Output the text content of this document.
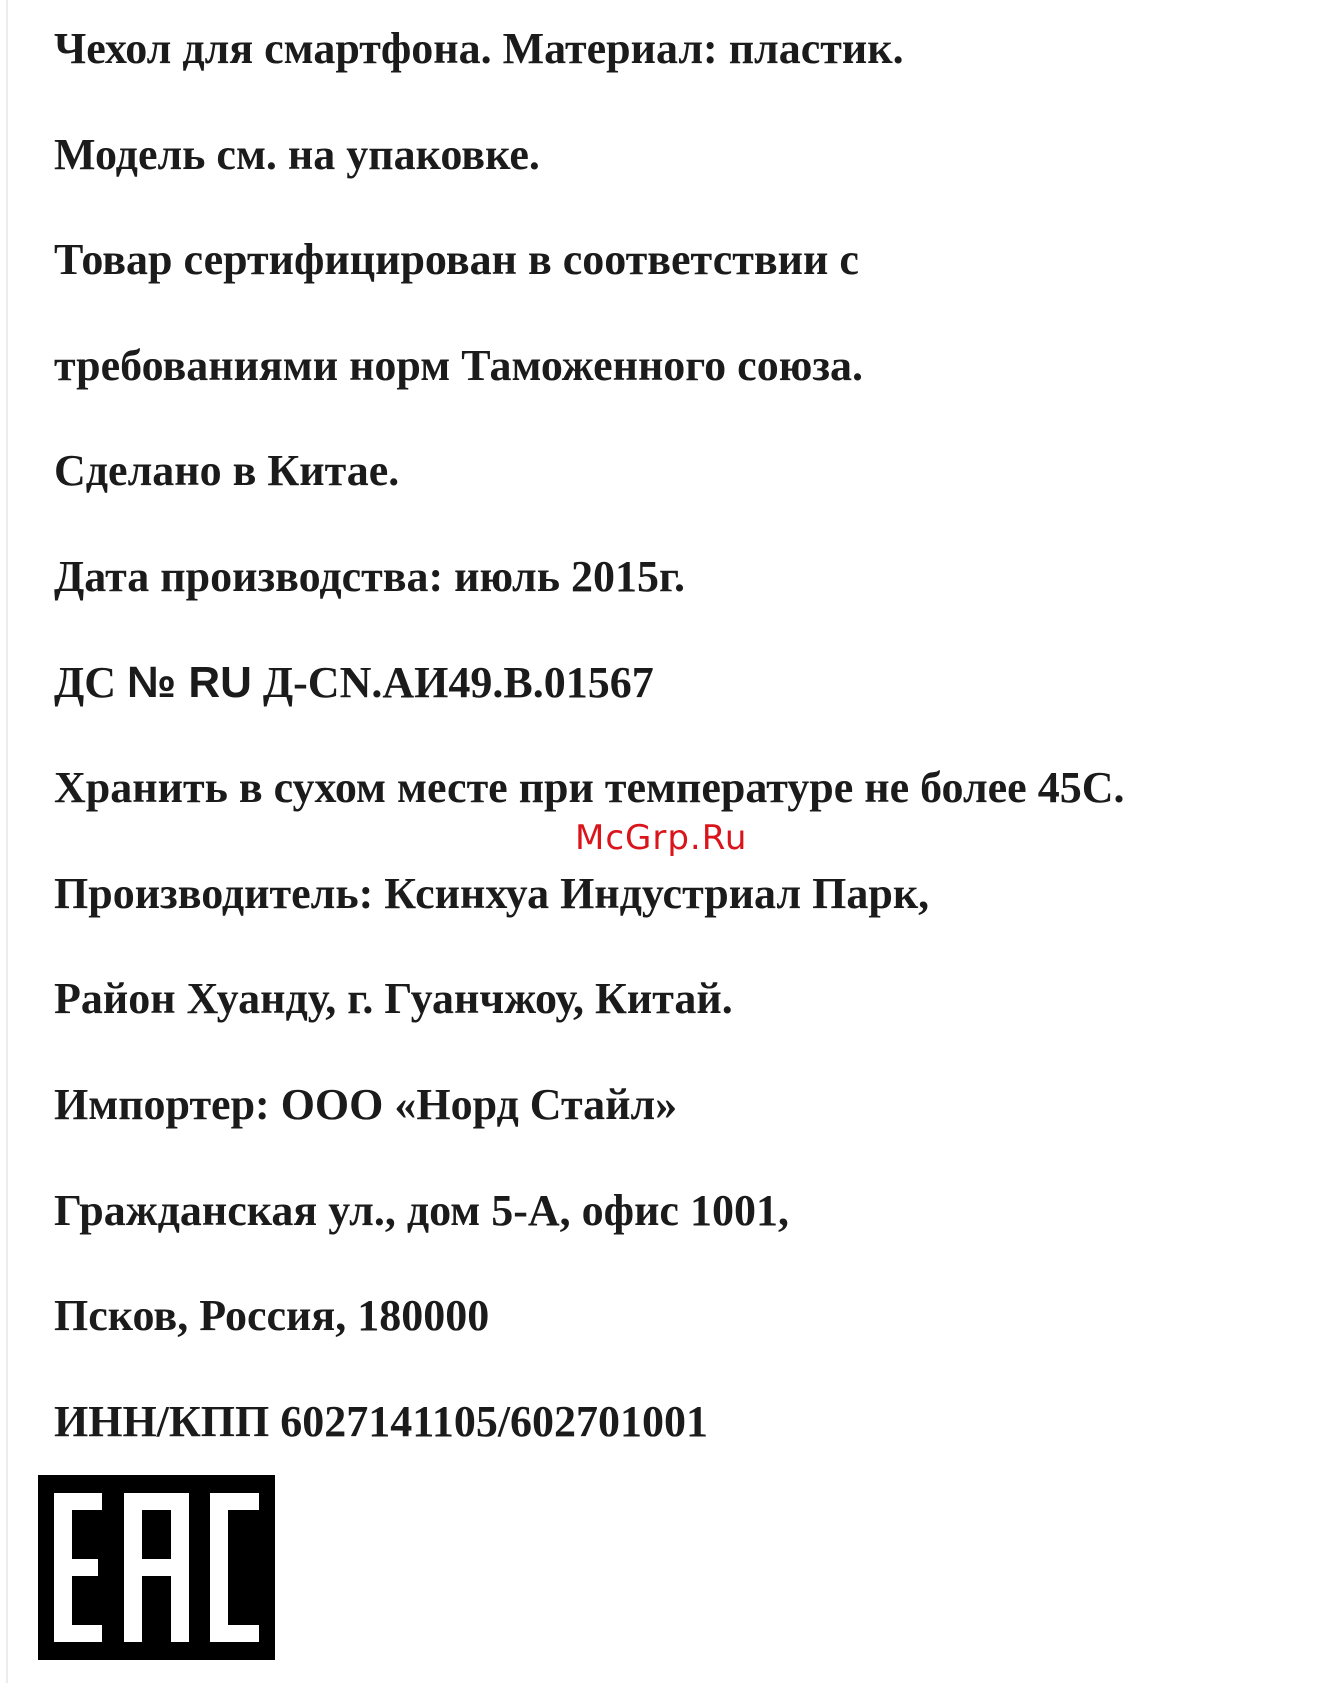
Чехол для смартфона. Материал: пластик.
Модель см. на упаковке.
Товар сертифицирован в соответствии с
требованиями норм Таможенного союза.
Сделано в Китае.
Дата производства: июль 2015г.
ДС № RU Д-CN.АИ49.В.01567
Хранить в сухом месте при температуре не более 45С.
Производитель: Ксинхуа Индустриал Парк,
Район Хуанду, г. Гуанчжоу, Китай.
Импортер: ООО «Норд Стайл»
Гражданская ул., дом 5-А, офис 1001,
Псков, Россия, 180000
ИНН/КПП 6027141105/602701001
McGrp.Ru
